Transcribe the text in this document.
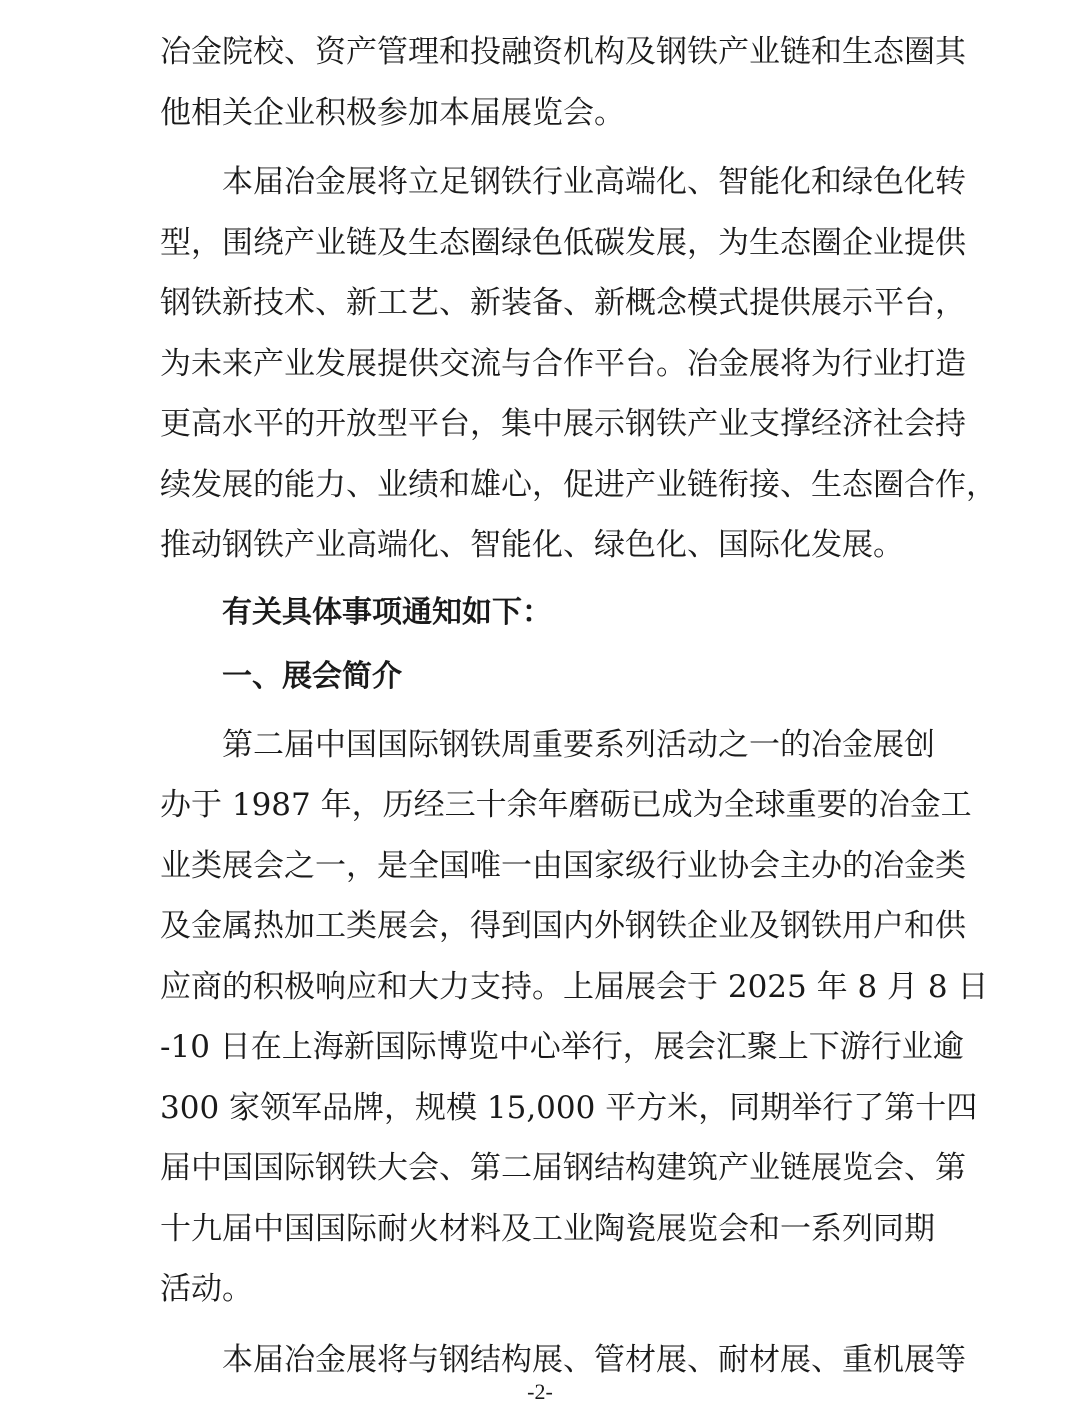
冶金院校、资产管理和投融资机构及钢铁产业链和生态圈其
他相关企业积极参加本届展览会。
本届冶金展将立足钢铁行业高端化、智能化和绿色化转
型，围绕产业链及生态圈绿色低碳发展，为生态圈企业提供
钢铁新技术、新工艺、新装备、新概念模式提供展示平台，
为未来产业发展提供交流与合作平台。冶金展将为行业打造
更高水平的开放型平台，集中展示钢铁产业支撑经济社会持
续发展的能力、业绩和雄心，促进产业链衔接、生态圈合作，
推动钢铁产业高端化、智能化、绿色化、国际化发展。
有关具体事项通知如下：
一、展会简介
第二届中国国际钢铁周重要系列活动之一的冶金展创
办于 1987 年，历经三十余年磨砺已成为全球重要的冶金工
业类展会之一，是全国唯一由国家级行业协会主办的冶金类
及金属热加工类展会，得到国内外钢铁企业及钢铁用户和供
应商的积极响应和大力支持。上届展会于 2025 年 8 月 8 日
-10 日在上海新国际博览中心举行，展会汇聚上下游行业逾
300 家领军品牌，规模 15,000 平方米，同期举行了第十四
届中国国际钢铁大会、第二届钢结构建筑产业链展览会、第
十九届中国国际耐火材料及工业陶瓷展览会和一系列同期
活动。
本届冶金展将与钢结构展、管材展、耐材展、重机展等
-2-
